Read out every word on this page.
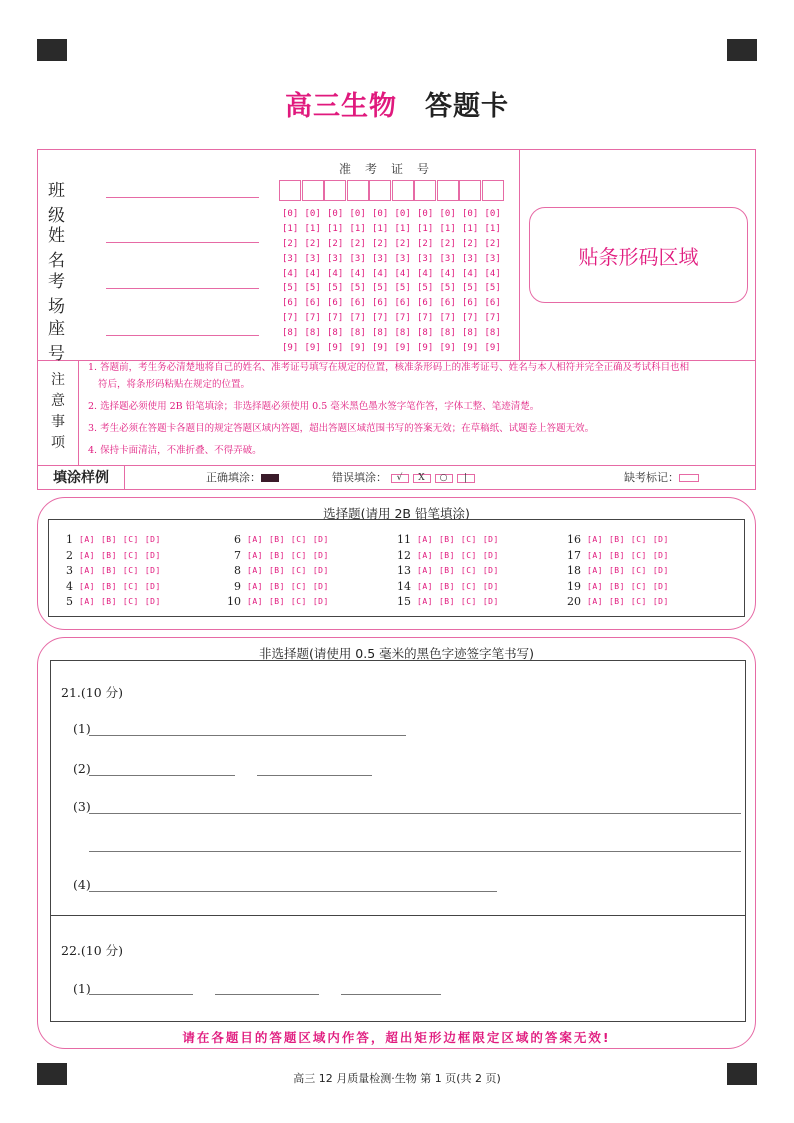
高三生物 答题卡
班 级
姓 名
考 场
座 号
准考证号
[0] [0] [0] [0] [0] [0] [0] [0] [0] [0]
[1] [1] [1] [1] [1] [1] [1] [1] [1] [1]
[2] [2] [2] [2] [2] [2] [2] [2] [2] [2]
[3] [3] [3] [3] [3] [3] [3] [3] [3] [3]
[4] [4] [4] [4] [4] [4] [4] [4] [4] [4]
[5] [5] [5] [5] [5] [5] [5] [5] [5] [5]
[6] [6] [6] [6] [6] [6] [6] [6] [6] [6]
[7] [7] [7] [7] [7] [7] [7] [7] [7] [7]
[8] [8] [8] [8] [8] [8] [8] [8] [8] [8]
[9] [9] [9] [9] [9] [9] [9] [9] [9] [9]
贴条形码区域
注
意
事
项

1. 答题前，考生务必清楚地将自己的姓名、准考证号填写在规定的位置，核准条形码上的准考证号、姓名与本人相符并完全正确及考试科目也相

符后，将条形码粘贴在规定的位置。

2. 选择题必须使用 2B 铅笔填涂；非选择题必须使用 0.5 毫米黑色墨水签字笔作答，字体工整、笔迹清楚。

3. 考生必须在答题卡各题目的规定答题区域内答题，超出答题区域范围书写的答案无效；在草稿纸、试题卷上答题无效。

4. 保持卡面清洁，不准折叠、不得弄破。

填涂样例	正确填涂：	错误填涂：	√	X	○	|	缺考标记：
选择题(请用 2B 铅笔填涂)
1 [A] [B] [C] [D]
2 [A] [B] [C] [D]
3 [A] [B] [C] [D]
4 [A] [B] [C] [D]
5 [A] [B] [C] [D]
6 [A] [B] [C] [D]
7 [A] [B] [C] [D]
8 [A] [B] [C] [D]
9 [A] [B] [C] [D]
10 [A] [B] [C] [D]
11 [A] [B] [C] [D]
12 [A] [B] [C] [D]
13 [A] [B] [C] [D]
14 [A] [B] [C] [D]
15 [A] [B] [C] [D]
16 [A] [B] [C] [D]
17 [A] [B] [C] [D]
18 [A] [B] [C] [D]
19 [A] [B] [C] [D]
20 [A] [B] [C] [D]
非选择题(请使用 0.5 毫米的黑色字迹签字笔书写)
21.(10 分)
(1)
(2)
(3)
(4)
22.(10 分)
(1)
请在各题目的答题区域内作答，超出矩形边框限定区域的答案无效!
高三 12 月质量检测·生物 第 1 页(共 2 页)
